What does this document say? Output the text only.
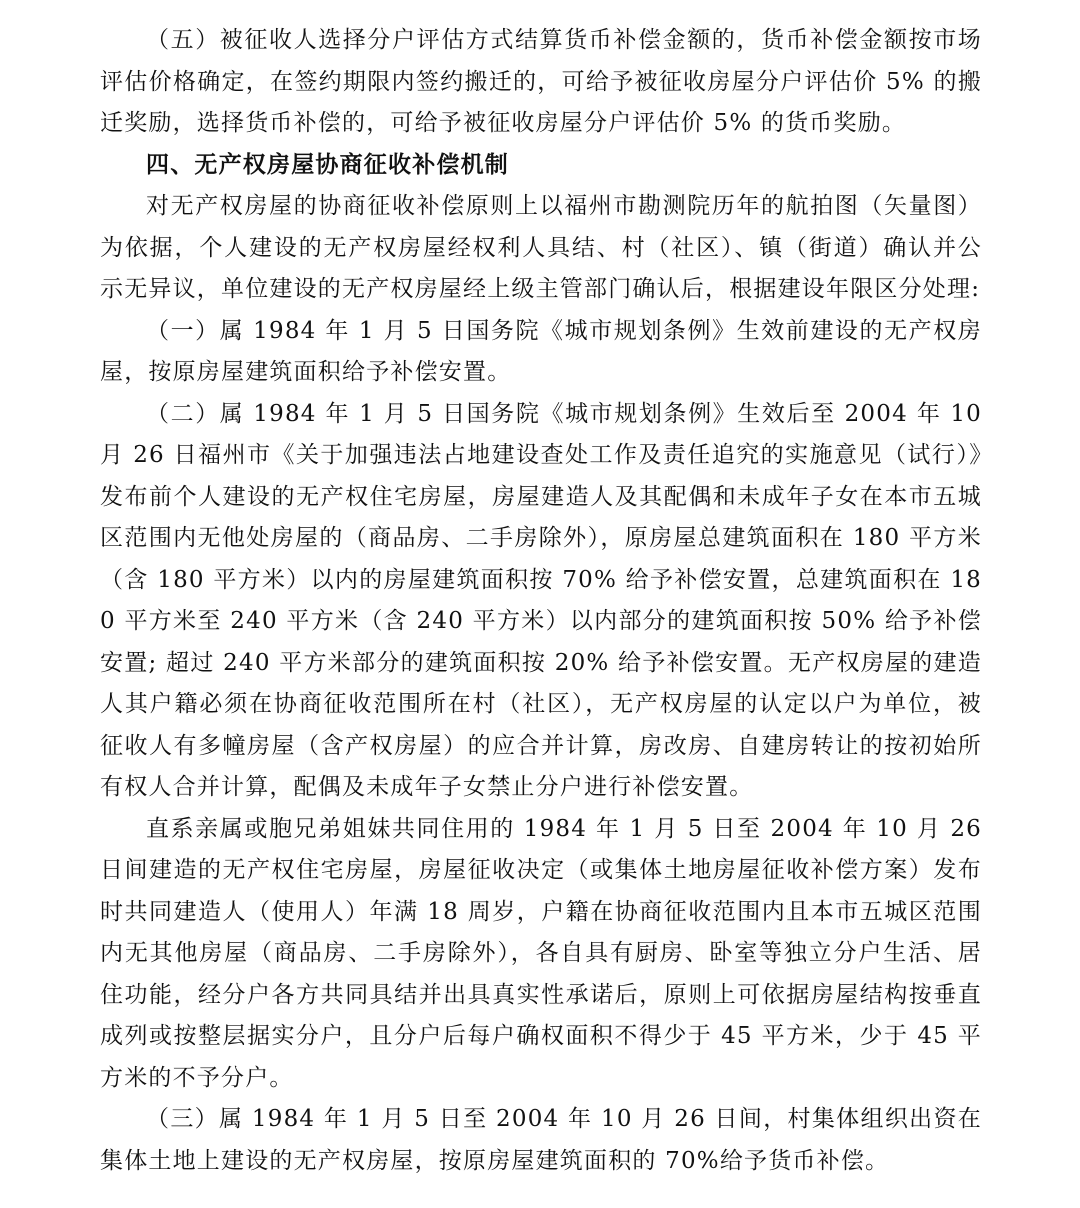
（五）被征收人选择分户评估方式结算货币补偿金额的，货币补偿金额按市场评估价格确定，在签约期限内签约搬迁的，可给予被征收房屋分户评估价 5% 的搬迁奖励，选择货币补偿的，可给予被征收房屋分户评估价 5% 的货币奖励。

四、无产权房屋协商征收补偿机制

对无产权房屋的协商征收补偿原则上以福州市勘测院历年的航拍图（矢量图）为依据，个人建设的无产权房屋经权利人具结、村（社区）、镇（街道）确认并公示无异议，单位建设的无产权房屋经上级主管部门确认后，根据建设年限区分处理:

（一）属 1984 年 1 月 5 日国务院《城市规划条例》生效前建设的无产权房屋，按原房屋建筑面积给予补偿安置。

（二）属 1984 年 1 月 5 日国务院《城市规划条例》生效后至 2004 年 10 月 26 日福州市《关于加强违法占地建设查处工作及责任追究的实施意见（试行）》发布前个人建设的无产权住宅房屋，房屋建造人及其配偶和未成年子女在本市五城区范围内无他处房屋的（商品房、二手房除外），原房屋总建筑面积在 180 平方米（含 180 平方米）以内的房屋建筑面积按 70% 给予补偿安置，总建筑面积在 180 平方米至 240 平方米（含 240 平方米）以内部分的建筑面积按 50% 给予补偿安置; 超过 240 平方米部分的建筑面积按 20% 给予补偿安置。无产权房屋的建造人其户籍必须在协商征收范围所在村（社区），无产权房屋的认定以户为单位，被征收人有多幢房屋（含产权房屋）的应合并计算，房改房、自建房转让的按初始所有权人合并计算，配偶及未成年子女禁止分户进行补偿安置。

直系亲属或胞兄弟姐妹共同住用的 1984 年 1 月 5 日至 2004 年 10 月 26 日间建造的无产权住宅房屋，房屋征收决定（或集体土地房屋征收补偿方案）发布时共同建造人（使用人）年满 18 周岁，户籍在协商征收范围内且本市五城区范围内无其他房屋（商品房、二手房除外），各自具有厨房、卧室等独立分户生活、居住功能，经分户各方共同具结并出具真实性承诺后，原则上可依据房屋结构按垂直成列或按整层据实分户，且分户后每户确权面积不得少于 45 平方米，少于 45 平方米的不予分户。

（三）属 1984 年 1 月 5 日至 2004 年 10 月 26 日间，村集体组织出资在集体土地上建设的无产权房屋，按原房屋建筑面积的 70%给予货币补偿。
